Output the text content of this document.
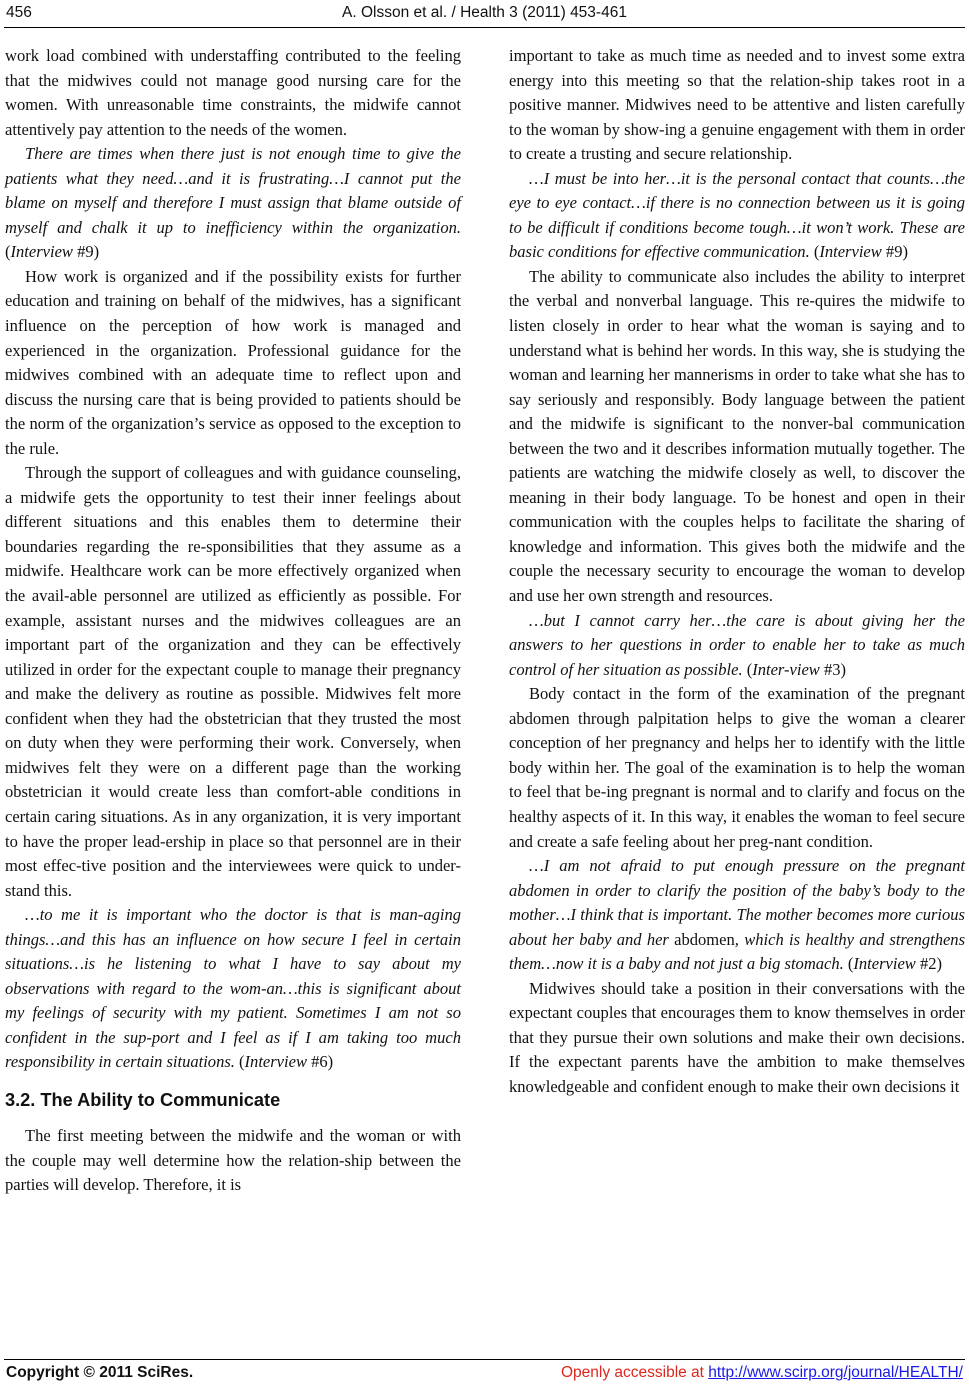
456	A. Olsson et al. / Health 3 (2011) 453-461

work load combined with understaffing contributed to the feeling that the midwives could not manage good nursing care for the women. With unreasonable time constraints, the midwife cannot attentively pay attention to the needs of the women.

There are times when there just is not enough time to give the patients what they need…and it is frustrating…I cannot put the blame on myself and therefore I must assign that blame outside of myself and chalk it up to inefficiency within the organization. (Interview #9)

How work is organized and if the possibility exists for further education and training on behalf of the midwives, has a significant influence on the perception of how work is managed and experienced in the organization. Professional guidance for the midwives combined with an adequate time to reflect upon and discuss the nursing care that is being provided to patients should be the norm of the organization’s service as opposed to the exception to the rule.

Through the support of colleagues and with guidance counseling, a midwife gets the opportunity to test their inner feelings about different situations and this enables them to determine their boundaries regarding the re-sponsibilities that they assume as a midwife. Healthcare work can be more effectively organized when the avail-able personnel are utilized as efficiently as possible. For example, assistant nurses and the midwives colleagues are an important part of the organization and they can be effectively utilized in order for the expectant couple to manage their pregnancy and make the delivery as routine as possible. Midwives felt more confident when they had the obstetrician that they trusted the most on duty when they were performing their work. Conversely, when midwives felt they were on a different page than the working obstetrician it would create less than comfort-able conditions in certain caring situations. As in any organization, it is very important to have the proper lead-ership in place so that personnel are in their most effec-tive position and the interviewees were quick to under-stand this.

…to me it is important who the doctor is that is man-aging things…and this has an influence on how secure I feel in certain situations…is he listening to what I have to say about my observations with regard to the wom-an…this is significant about my feelings of security with my patient. Sometimes I am not so confident in the sup-port and I feel as if I am taking too much responsibility in certain situations. (Interview #6)

3.2. The Ability to Communicate

The first meeting between the midwife and the woman or with the couple may well determine how the relation-ship between the parties will develop. Therefore, it is

important to take as much time as needed and to invest some extra energy into this meeting so that the relation-ship takes root in a positive manner. Midwives need to be attentive and listen carefully to the woman by show-ing a genuine engagement with them in order to create a trusting and secure relationship.

…I must be into her…it is the personal contact that counts…the eye to eye contact…if there is no connection between us it is going to be difficult if conditions become tough…it won’t work. These are basic conditions for effective communication. (Interview #9)

The ability to communicate also includes the ability to interpret the verbal and nonverbal language. This re-quires the midwife to listen closely in order to hear what the woman is saying and to understand what is behind her words. In this way, she is studying the woman and learning her mannerisms in order to take what she has to say seriously and responsibly. Body language between the patient and the midwife is significant to the nonver-bal communication between the two and it describes information mutually together. The patients are watching the midwife closely as well, to discover the meaning in their body language. To be honest and open in their communication with the couples helps to facilitate the sharing of knowledge and information. This gives both the midwife and the couple the necessary security to encourage the woman to develop and use her own strength and resources.

…but I cannot carry her…the care is about giving her the answers to her questions in order to enable her to take as much control of her situation as possible. (Inter-view #3)

Body contact in the form of the examination of the pregnant abdomen through palpitation helps to give the woman a clearer conception of her pregnancy and helps her to identify with the little body within her. The goal of the examination is to help the woman to feel that be-ing pregnant is normal and to clarify and focus on the healthy aspects of it. In this way, it enables the woman to feel secure and create a safe feeling about her preg-nant condition.

…I am not afraid to put enough pressure on the pregnant abdomen in order to clarify the position of the baby’s body to the mother…I think that is important. The mother becomes more curious about her baby and her abdomen, which is healthy and strengthens them…now it is a baby and not just a big stomach. (Interview #2)

Midwives should take a position in their conversations with the expectant couples that encourages them to know themselves in order that they pursue their own solutions and make their own decisions. If the expectant parents have the ambition to make themselves knowledgeable and confident enough to make their own decisions it

Copyright © 2011 SciRes.	Openly accessible at http://www.scirp.org/journal/HEALTH/
